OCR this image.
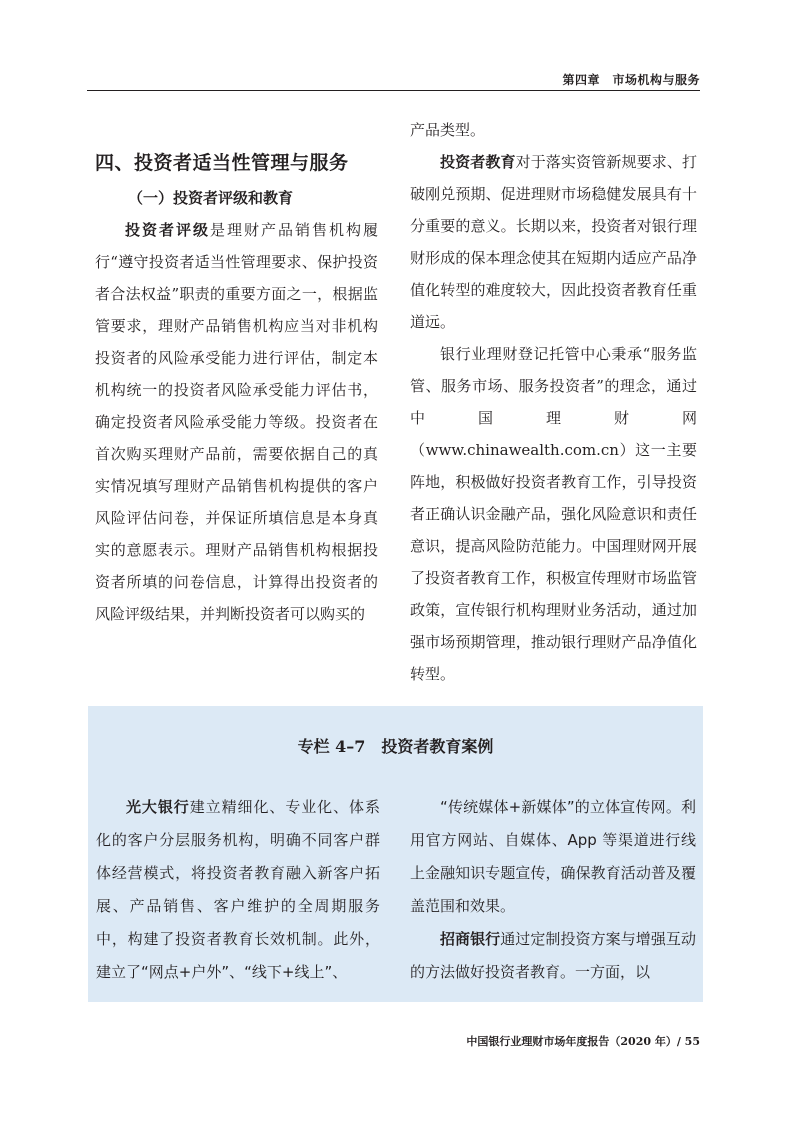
第四章　市场机构与服务
四、投资者适当性管理与服务

（一）投资者评级和教育

投资者评级是理财产品销售机构履行“遵守投资者适当性管理要求、保护投资者合法权益”职责的重要方面之一，根据监管要求，理财产品销售机构应当对非机构投资者的风险承受能力进行评估，制定本机构统一的投资者风险承受能力评估书，确定投资者风险承受能力等级。投资者在首次购买理财产品前，需要依据自己的真实情况填写理财产品销售机构提供的客户风险评估问卷，并保证所填信息是本身真实的意愿表示。理财产品销售机构根据投资者所填的问卷信息，计算得出投资者的风险评级结果，并判断投资者可以购买的

产品类型。

投资者教育对于落实资管新规要求、打破刚兑预期、促进理财市场稳健发展具有十分重要的意义。长期以来，投资者对银行理财形成的保本理念使其在短期内适应产品净值化转型的难度较大，因此投资者教育任重道远。

银行业理财登记托管中心秉承“服务监管、服务市场、服务投资者”的理念，通过中国理财网（www.chinawealth.com.cn）这一主要阵地，积极做好投资者教育工作，引导投资者正确认识金融产品，强化风险意识和责任意识，提高风险防范能力。中国理财网开展了投资者教育工作，积极宣传理财市场监管政策，宣传银行机构理财业务活动，通过加强市场预期管理，推动银行理财产品净值化转型。

专栏 4–7　投资者教育案例

光大银行建立精细化、专业化、体系化的客户分层服务机构，明确不同客户群体经营模式，将投资者教育融入新客户拓展、产品销售、客户维护的全周期服务中，构建了投资者教育长效机制。此外，建立了“网点+户外”、“线下+线上”、

“传统媒体+新媒体”的立体宣传网。利用官方网站、自媒体、App 等渠道进行线上金融知识专题宣传，确保教育活动普及覆盖范围和效果。

招商银行通过定制投资方案与增强互动的方法做好投资者教育。一方面，以

中国银行业理财市场年度报告（2020 年）/ 55
